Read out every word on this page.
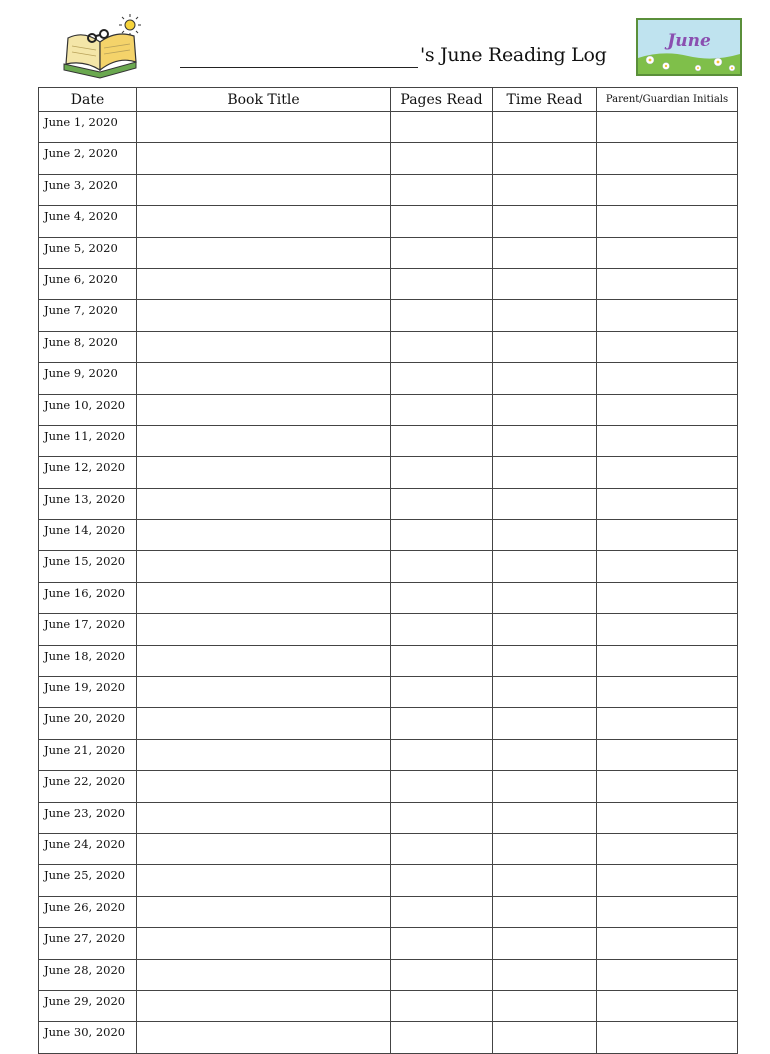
's June Reading Log
June
Date	Book Title	Pages Read	Time Read	Parent/Guardian Initials
June 1, 2020				
June 2, 2020				
June 3, 2020				
June 4, 2020				
June 5, 2020				
June 6, 2020				
June 7, 2020				
June 8, 2020				
June 9, 2020				
June 10, 2020				
June 11, 2020				
June 12, 2020				
June 13, 2020				
June 14, 2020				
June 15, 2020				
June 16, 2020				
June 17, 2020				
June 18, 2020				
June 19, 2020				
June 20, 2020				
June 21, 2020				
June 22, 2020				
June 23, 2020				
June 24, 2020				
June 25, 2020				
June 26, 2020				
June 27, 2020				
June 28, 2020				
June 29, 2020				
June 30, 2020				
